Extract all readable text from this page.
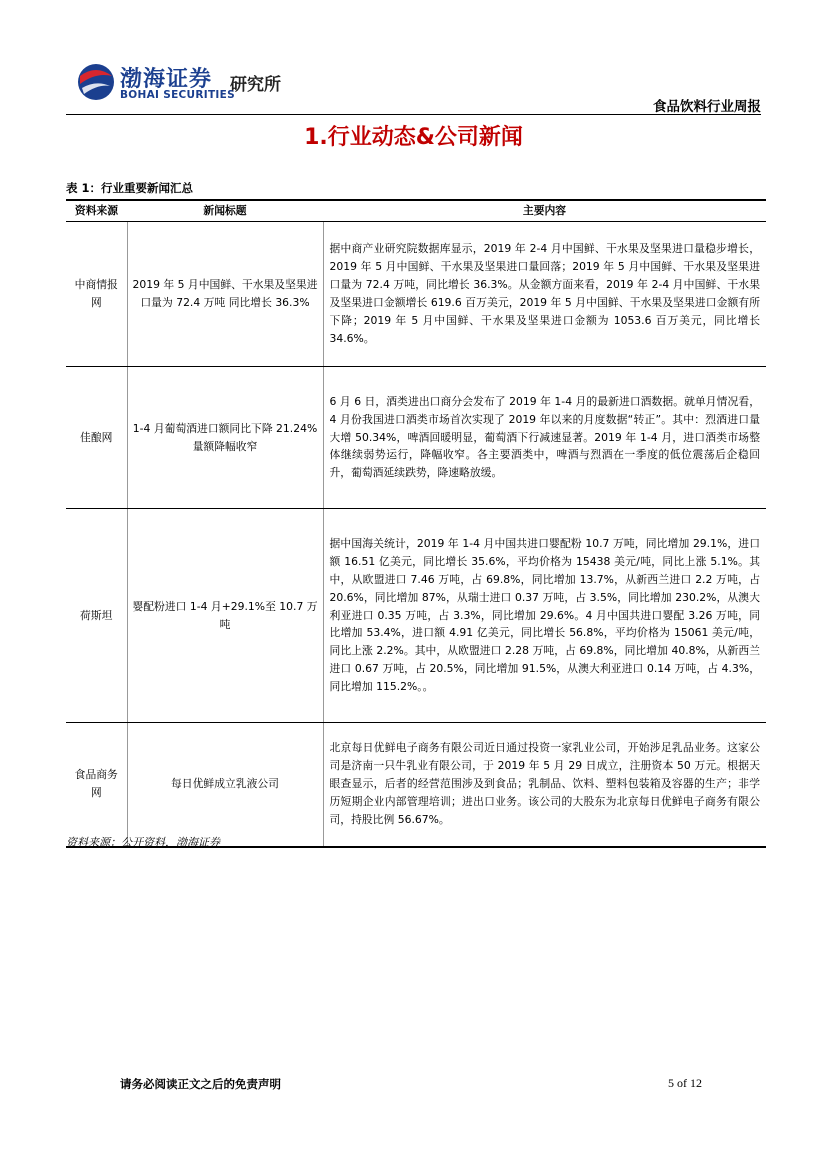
渤海证券
BOHAI SECURITIES
研究所
食品饮料行业周报
1.行业动态&公司新闻
表 1：行业重要新闻汇总
资料来源	新闻标题	主要内容
中商情报网	2019 年 5 月中国鲜、干水果及坚果进口量为 72.4 万吨 同比增长 36.3%	据中商产业研究院数据库显示，2019 年 2-4 月中国鲜、干水果及坚果进口量稳步增长，2019 年 5 月中国鲜、干水果及坚果进口量回落；2019 年 5 月中国鲜、干水果及坚果进口量为 72.4 万吨，同比增长 36.3%。从金额方面来看，2019 年 2-4 月中国鲜、干水果及坚果进口金额增长 619.6 百万美元，2019 年 5 月中国鲜、干水果及坚果进口金额有所下降；2019 年 5 月中国鲜、干水果及坚果进口金额为 1053.6 百万美元，同比增长 34.6%。
佳酿网	1-4 月葡萄酒进口额同比下降 21.24% 量额降幅收窄	6 月 6 日，酒类进出口商分会发布了 2019 年 1-4 月的最新进口酒数据。就单月情况看，4 月份我国进口酒类市场首次实现了 2019 年以来的月度数据“转正”。其中：烈酒进口量大增 50.34%，啤酒回暖明显，葡萄酒下行减速显著。2019 年 1-4 月，进口酒类市场整体继续弱势运行，降幅收窄。各主要酒类中，啤酒与烈酒在一季度的低位震荡后企稳回升，葡萄酒延续跌势，降速略放缓。
荷斯坦	婴配粉进口 1-4 月+29.1%至 10.7 万吨	据中国海关统计，2019 年 1-4 月中国共进口婴配粉 10.7 万吨，同比增加 29.1%，进口额 16.51 亿美元，同比增长 35.6%，平均价格为 15438 美元/吨，同比上涨 5.1%。其中，从欧盟进口 7.46 万吨，占 69.8%，同比增加 13.7%，从新西兰进口 2.2 万吨，占 20.6%，同比增加 87%，从瑞士进口 0.37 万吨，占 3.5%，同比增加 230.2%，从澳大利亚进口 0.35 万吨，占 3.3%，同比增加 29.6%。4 月中国共进口婴配 3.26 万吨，同比增加 53.4%，进口额 4.91 亿美元，同比增长 56.8%，平均价格为 15061 美元/吨，同比上涨 2.2%。其中，从欧盟进口 2.28 万吨，占 69.8%，同比增加 40.8%，从新西兰进口 0.67 万吨，占 20.5%，同比增加 91.5%，从澳大利亚进口 0.14 万吨，占 4.3%，同比增加 115.2%。。
食品商务网	每日优鲜成立乳液公司	北京每日优鲜电子商务有限公司近日通过投资一家乳业公司，开始涉足乳品业务。这家公司是济南一只牛乳业有限公司，于 2019 年 5 月 29 日成立，注册资本 50 万元。根据天眼查显示，后者的经营范围涉及到食品；乳制品、饮料、塑料包装箱及容器的生产；非学历短期企业内部管理培训；进出口业务。该公司的大股东为北京每日优鲜电子商务有限公司，持股比例 56.67%。
资料来源：公开资料，渤海证券
请务必阅读正文之后的免责声明	5 of 12
